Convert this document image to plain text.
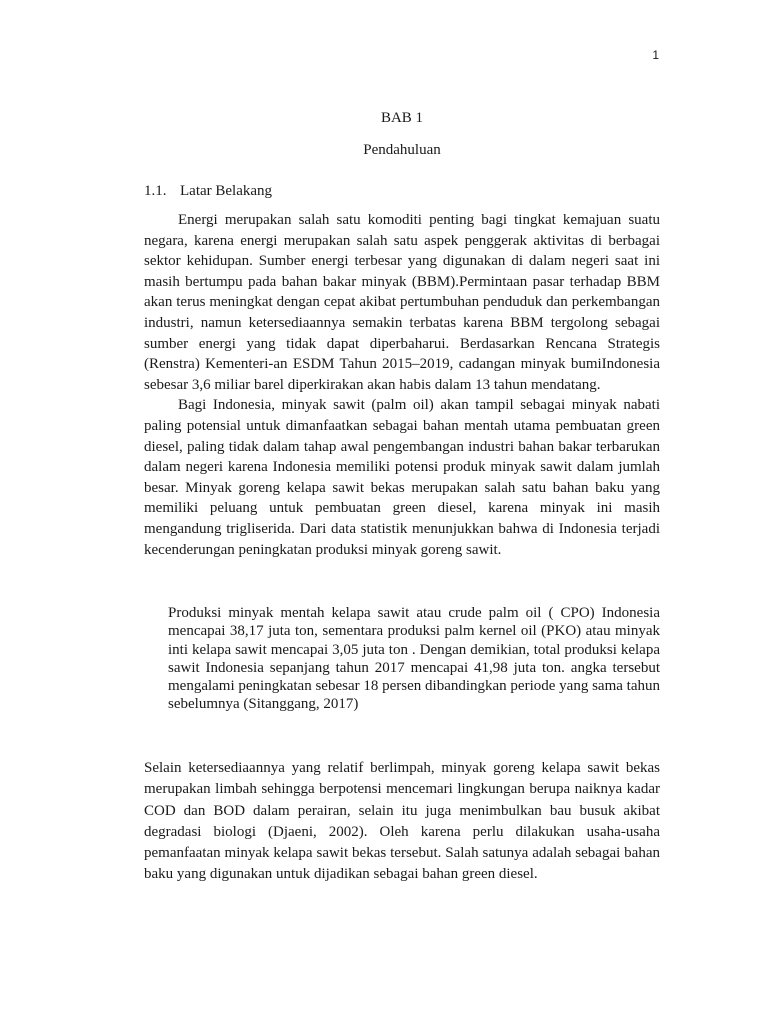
1
BAB 1
Pendahuluan
1.1. Latar Belakang

Energi merupakan salah satu komoditi penting bagi tingkat kemajuan suatu negara, karena energi merupakan salah satu aspek penggerak aktivitas di berbagai sektor kehidupan. Sumber energi terbesar yang digunakan di dalam negeri saat ini masih bertumpu pada bahan bakar minyak (BBM).Permintaan pasar terhadap BBM akan terus meningkat dengan cepat akibat pertumbuhan penduduk dan perkembangan industri, namun ketersediaannya semakin terbatas karena BBM tergolong sebagai sumber energi yang tidak dapat diperbaharui. Berdasarkan Rencana Strategis (Renstra) Kementeri-an ESDM Tahun 2015–2019, cadangan minyak bumiIndonesia sebesar 3,6 miliar barel diperkirakan akan habis dalam 13 tahun mendatang.

Bagi Indonesia, minyak sawit (palm oil) akan tampil sebagai minyak nabati paling potensial untuk dimanfaatkan sebagai bahan mentah utama pembuatan green diesel, paling tidak dalam tahap awal pengembangan industri bahan bakar terbarukan dalam negeri karena Indonesia memiliki potensi produk minyak sawit dalam jumlah besar. Minyak goreng kelapa sawit bekas merupakan salah satu bahan baku yang memiliki peluang untuk pembuatan green diesel, karena minyak ini masih mengandung trigliserida. Dari data statistik menunjukkan bahwa di Indonesia terjadi kecenderungan peningkatan produksi minyak goreng sawit.

Produksi minyak mentah kelapa sawit atau crude palm oil ( CPO) Indonesia mencapai 38,17 juta ton, sementara produksi palm kernel oil (PKO) atau minyak inti kelapa sawit mencapai 3,05 juta ton . Dengan demikian, total produksi kelapa sawit Indonesia sepanjang tahun 2017 mencapai 41,98 juta ton. angka tersebut mengalami peningkatan sebesar 18 persen dibandingkan periode yang sama tahun sebelumnya (Sitanggang, 2017)

Selain ketersediaannya yang relatif berlimpah, minyak goreng kelapa sawit bekas merupakan limbah sehingga berpotensi mencemari lingkungan berupa naiknya kadar COD dan BOD dalam perairan, selain itu juga menimbulkan bau busuk akibat degradasi biologi (Djaeni, 2002). Oleh karena perlu dilakukan usaha-usaha pemanfaatan minyak kelapa sawit bekas tersebut. Salah satunya adalah sebagai bahan baku yang digunakan untuk dijadikan sebagai bahan green diesel.
